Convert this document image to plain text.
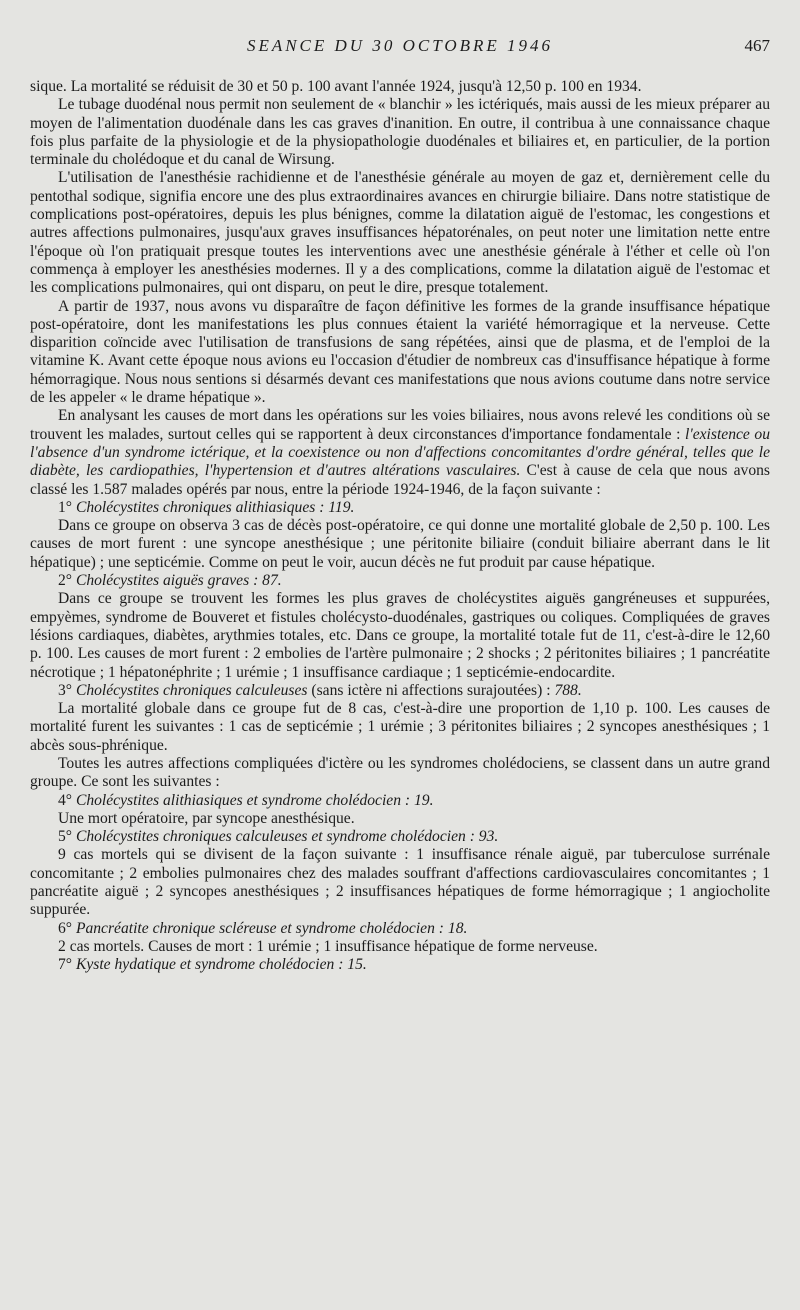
SEANCE DU 30 OCTOBRE 1946	467

sique. La mortalité se réduisit de 30 et 50 p. 100 avant l'année 1924, jusqu'à 12,50 p. 100 en 1934.

Le tubage duodénal nous permit non seulement de « blanchir » les ictériqués, mais aussi de les mieux préparer au moyen de l'alimentation duodénale dans les cas graves d'inanition. En outre, il contribua à une connaissance chaque fois plus parfaite de la physiologie et de la physiopathologie duodénales et biliaires et, en particulier, de la portion terminale du cholédoque et du canal de Wirsung.

L'utilisation de l'anesthésie rachidienne et de l'anesthésie générale au moyen de gaz et, dernièrement celle du pentothal sodique, signifia encore une des plus extraordinaires avances en chirurgie biliaire. Dans notre statistique de complications post-opératoires, depuis les plus bénignes, comme la dilatation aiguë de l'estomac, les congestions et autres affections pulmonaires, jusqu'aux graves insuffisances hépatorénales, on peut noter une limitation nette entre l'époque où l'on pratiquait presque toutes les interventions avec une anesthésie générale à l'éther et celle où l'on commença à employer les anesthésies modernes. Il y a des complications, comme la dilatation aiguë de l'estomac et les complications pulmonaires, qui ont disparu, on peut le dire, presque totalement.

A partir de 1937, nous avons vu disparaître de façon définitive les formes de la grande insuffisance hépatique post-opératoire, dont les manifestations les plus connues étaient la variété hémorragique et la nerveuse. Cette disparition coïncide avec l'utilisation de transfusions de sang répétées, ainsi que de plasma, et de l'emploi de la vitamine K. Avant cette époque nous avions eu l'occasion d'étudier de nombreux cas d'insuffisance hépatique à forme hémorragique. Nous nous sentions si désarmés devant ces manifestations que nous avions coutume dans notre service de les appeler « le drame hépatique ».

En analysant les causes de mort dans les opérations sur les voies biliaires, nous avons relevé les conditions où se trouvent les malades, surtout celles qui se rapportent à deux circonstances d'importance fondamentale : l'existence ou l'absence d'un syndrome ictérique, et la coexistence ou non d'affections concomitantes d'ordre général, telles que le diabète, les cardiopathies, l'hypertension et d'autres altérations vasculaires. C'est à cause de cela que nous avons classé les 1.587 malades opérés par nous, entre la période 1924-1946, de la façon suivante :

1° Cholécystites chroniques alithiasiques : 119.

Dans ce groupe on observa 3 cas de décès post-opératoire, ce qui donne une mortalité globale de 2,50 p. 100. Les causes de mort furent : une syncope anesthésique ; une péritonite biliaire (conduit biliaire aberrant dans le lit hépatique) ; une septicémie. Comme on peut le voir, aucun décès ne fut produit par cause hépatique.

2° Cholécystites aiguës graves : 87.

Dans ce groupe se trouvent les formes les plus graves de cholécystites aiguës gangréneuses et suppurées, empyèmes, syndrome de Bouveret et fistules cholécysto-duodénales, gastriques ou coliques. Compliquées de graves lésions cardiaques, diabètes, arythmies totales, etc. Dans ce groupe, la mortalité totale fut de 11, c'est-à-dire le 12,60 p. 100. Les causes de mort furent : 2 embolies de l'artère pulmonaire ; 2 shocks ; 2 péritonites biliaires ; 1 pancréatite nécrotique ; 1 hépatonéphrite ; 1 urémie ; 1 insuffisance cardiaque ; 1 septicémie-endocardite.

3° Cholécystites chroniques calculeuses (sans ictère ni affections surajoutées) : 788.

La mortalité globale dans ce groupe fut de 8 cas, c'est-à-dire une proportion de 1,10 p. 100. Les causes de mortalité furent les suivantes : 1 cas de septicémie ; 1 urémie ; 3 péritonites biliaires ; 2 syncopes anesthésiques ; 1 abcès sous-phrénique.

Toutes les autres affections compliquées d'ictère ou les syndromes cholédociens, se classent dans un autre grand groupe. Ce sont les suivantes :

4° Cholécystites alithiasiques et syndrome cholédocien : 19.

Une mort opératoire, par syncope anesthésique.

5° Cholécystites chroniques calculeuses et syndrome cholédocien : 93.

9 cas mortels qui se divisent de la façon suivante : 1 insuffisance rénale aiguë, par tuberculose surrénale concomitante ; 2 embolies pulmonaires chez des malades souffrant d'affections cardiovasculaires concomitantes ; 1 pancréatite aiguë ; 2 syncopes anesthésiques ; 2 insuffisances hépatiques de forme hémorragique ; 1 angiocholite suppurée.

6° Pancréatite chronique scléreuse et syndrome cholédocien : 18.

2 cas mortels. Causes de mort : 1 urémie ; 1 insuffisance hépatique de forme nerveuse.

7° Kyste hydatique et syndrome cholédocien : 15.
